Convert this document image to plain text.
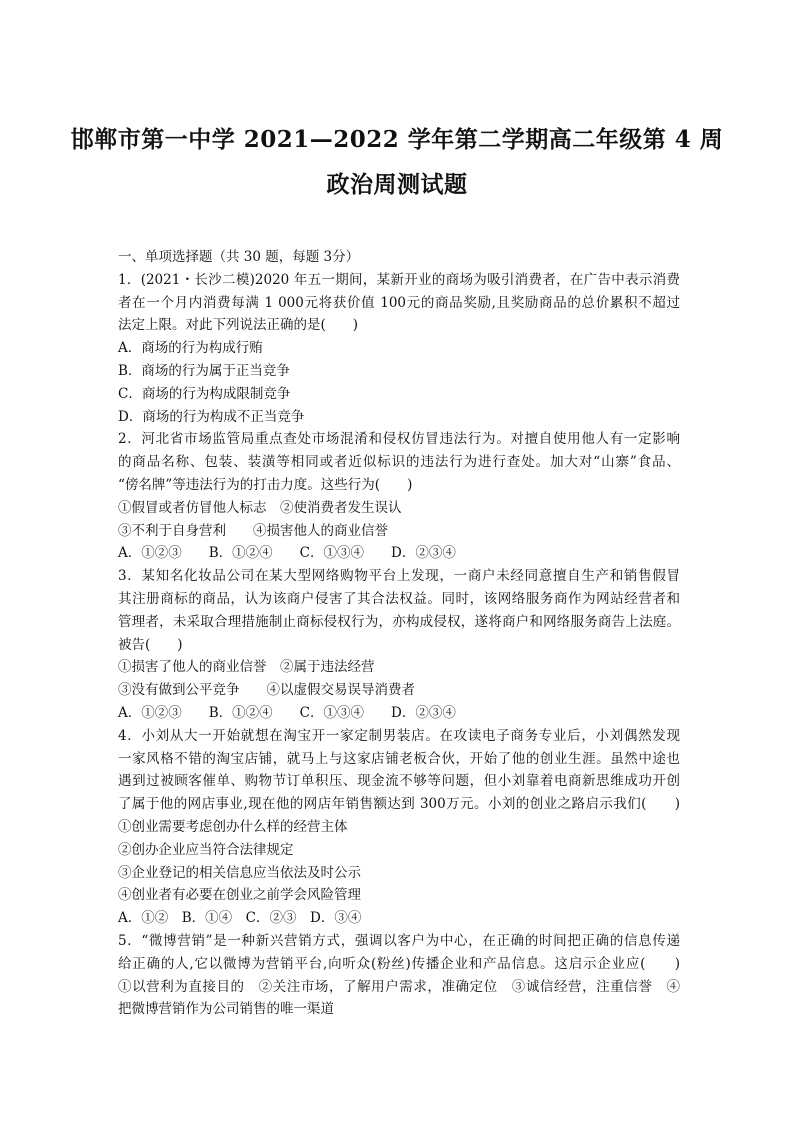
邯郸市第一中学 2021—2022 学年第二学期高二年级第 4 周
政治周测试题
一、单项选择题（共 30 题，每题 3分）
1．(2021・长沙二模)2020 年五一期间，某新开业的商场为吸引消费者，在广告中表示消费
者在一个月内消费每满 1 000元将获价值 100元的商品奖励,且奖励商品的总价累积不超过
法定上限。对此下列说法正确的是(　　)
A．商场的行为构成行贿
B．商场的行为属于正当竞争
C．商场的行为构成限制竞争
D．商场的行为构成不正当竞争
2．河北省市场监管局重点查处市场混淆和侵权仿冒违法行为。对擅自使用他人有一定影响
的商品名称、包装、装潢等相同或者近似标识的违法行为进行查处。加大对“山寨”食品、
“傍名牌”等违法行为的打击力度。这些行为(　　)
①假冒或者仿冒他人标志　②使消费者发生误认
③不利于自身营利　　④损害他人的商业信誉
A．①②③　　B．①②④　　C．①③④　　D．②③④
3．某知名化妆品公司在某大型网络购物平台上发现，一商户未经同意擅自生产和销售假冒
其注册商标的商品，认为该商户侵害了其合法权益。同时，该网络服务商作为网站经营者和
管理者，未采取合理措施制止商标侵权行为，亦构成侵权，遂将商户和网络服务商告上法庭。
被告(　　)
①损害了他人的商业信誉　②属于违法经营
③没有做到公平竞争　　④以虚假交易误导消费者
A．①②③　　B．①②④　　C．①③④　　D．②③④
4．小刘从大一开始就想在淘宝开一家定制男装店。在攻读电子商务专业后，小刘偶然发现
一家风格不错的淘宝店铺，就马上与这家店铺老板合伙，开始了他的创业生涯。虽然中途也
遇到过被顾客催单、购物节订单积压、现金流不够等问题，但小刘靠着电商新思维成功开创
了属于他的网店事业,现在他的网店年销售额达到 300万元。小刘的创业之路启示我们(　　)
①创业需要考虑创办什么样的经营主体
②创办企业应当符合法律规定
③企业登记的相关信息应当依法及时公示
④创业者有必要在创业之前学会风险管理
A．①②　B．①④　C．②③　D．③④
5．“微博营销”是一种新兴营销方式，强调以客户为中心，在正确的时间把正确的信息传递
给正确的人,它以微博为营销平台,向听众(粉丝)传播企业和产品信息。这启示企业应(　　)
①以营利为直接目的　②关注市场，了解用户需求，准确定位　③诚信经营，注重信誉　④
把微博营销作为公司销售的唯一渠道
